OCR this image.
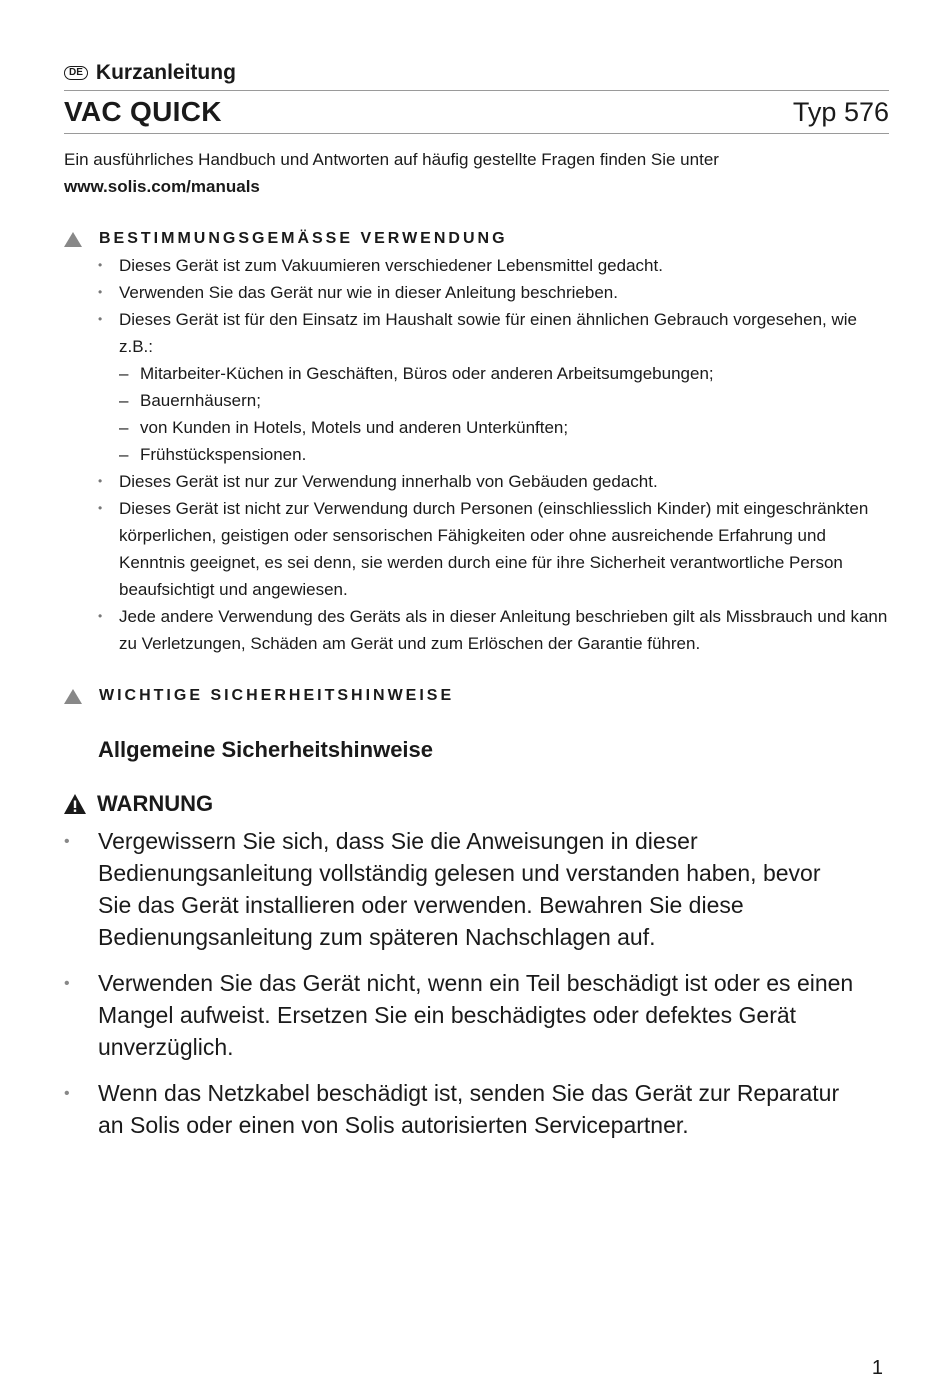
DE Kurzanleitung
VAC QUICK	Typ 576
Ein ausführliches Handbuch und Antworten auf häufig gestellte Fragen finden Sie unter
www.solis.com/manuals
BESTIMMUNGSGEMÄSSE VERWENDUNG
• Dieses Gerät ist zum Vakuumieren verschiedener Lebensmittel gedacht.
• Verwenden Sie das Gerät nur wie in dieser Anleitung beschrieben.
• Dieses Gerät ist für den Einsatz im Haushalt sowie für einen ähnlichen Gebrauch vorgesehen, wie z.B.:
– Mitarbeiter-Küchen in Geschäften, Büros oder anderen Arbeitsumgebungen;
– Bauernhäusern;
– von Kunden in Hotels, Motels und anderen Unterkünften;
– Frühstückspensionen.
• Dieses Gerät ist nur zur Verwendung innerhalb von Gebäuden gedacht.
• Dieses Gerät ist nicht zur Verwendung durch Personen (einschliesslich Kinder) mit eingeschränkten körperlichen, geistigen oder sensorischen Fähigkeiten oder ohne ausreichende Erfahrung und Kenntnis geeignet, es sei denn, sie werden durch eine für ihre Sicherheit verantwortliche Person beaufsichtigt und angewiesen.
• Jede andere Verwendung des Geräts als in dieser Anleitung beschrieben gilt als Missbrauch und kann zu Verletzungen, Schäden am Gerät und zum Erlöschen der Garantie führen.
WICHTIGE SICHERHEITSHINWEISE
Allgemeine Sicherheitshinweise
WARNUNG
• Vergewissern Sie sich, dass Sie die Anweisungen in dieser Bedienungsanleitung vollständig gelesen und verstanden haben, bevor Sie das Gerät installieren oder verwenden. Bewahren Sie diese Bedienungsanleitung zum späteren Nachschlagen auf.
• Verwenden Sie das Gerät nicht, wenn ein Teil beschädigt ist oder es einen Mangel aufweist. Ersetzen Sie ein beschädigtes oder defektes Gerät unverzüglich.
• Wenn das Netzkabel beschädigt ist, senden Sie das Gerät zur Reparatur an Solis oder einen von Solis autorisierten Servicepartner.
1
